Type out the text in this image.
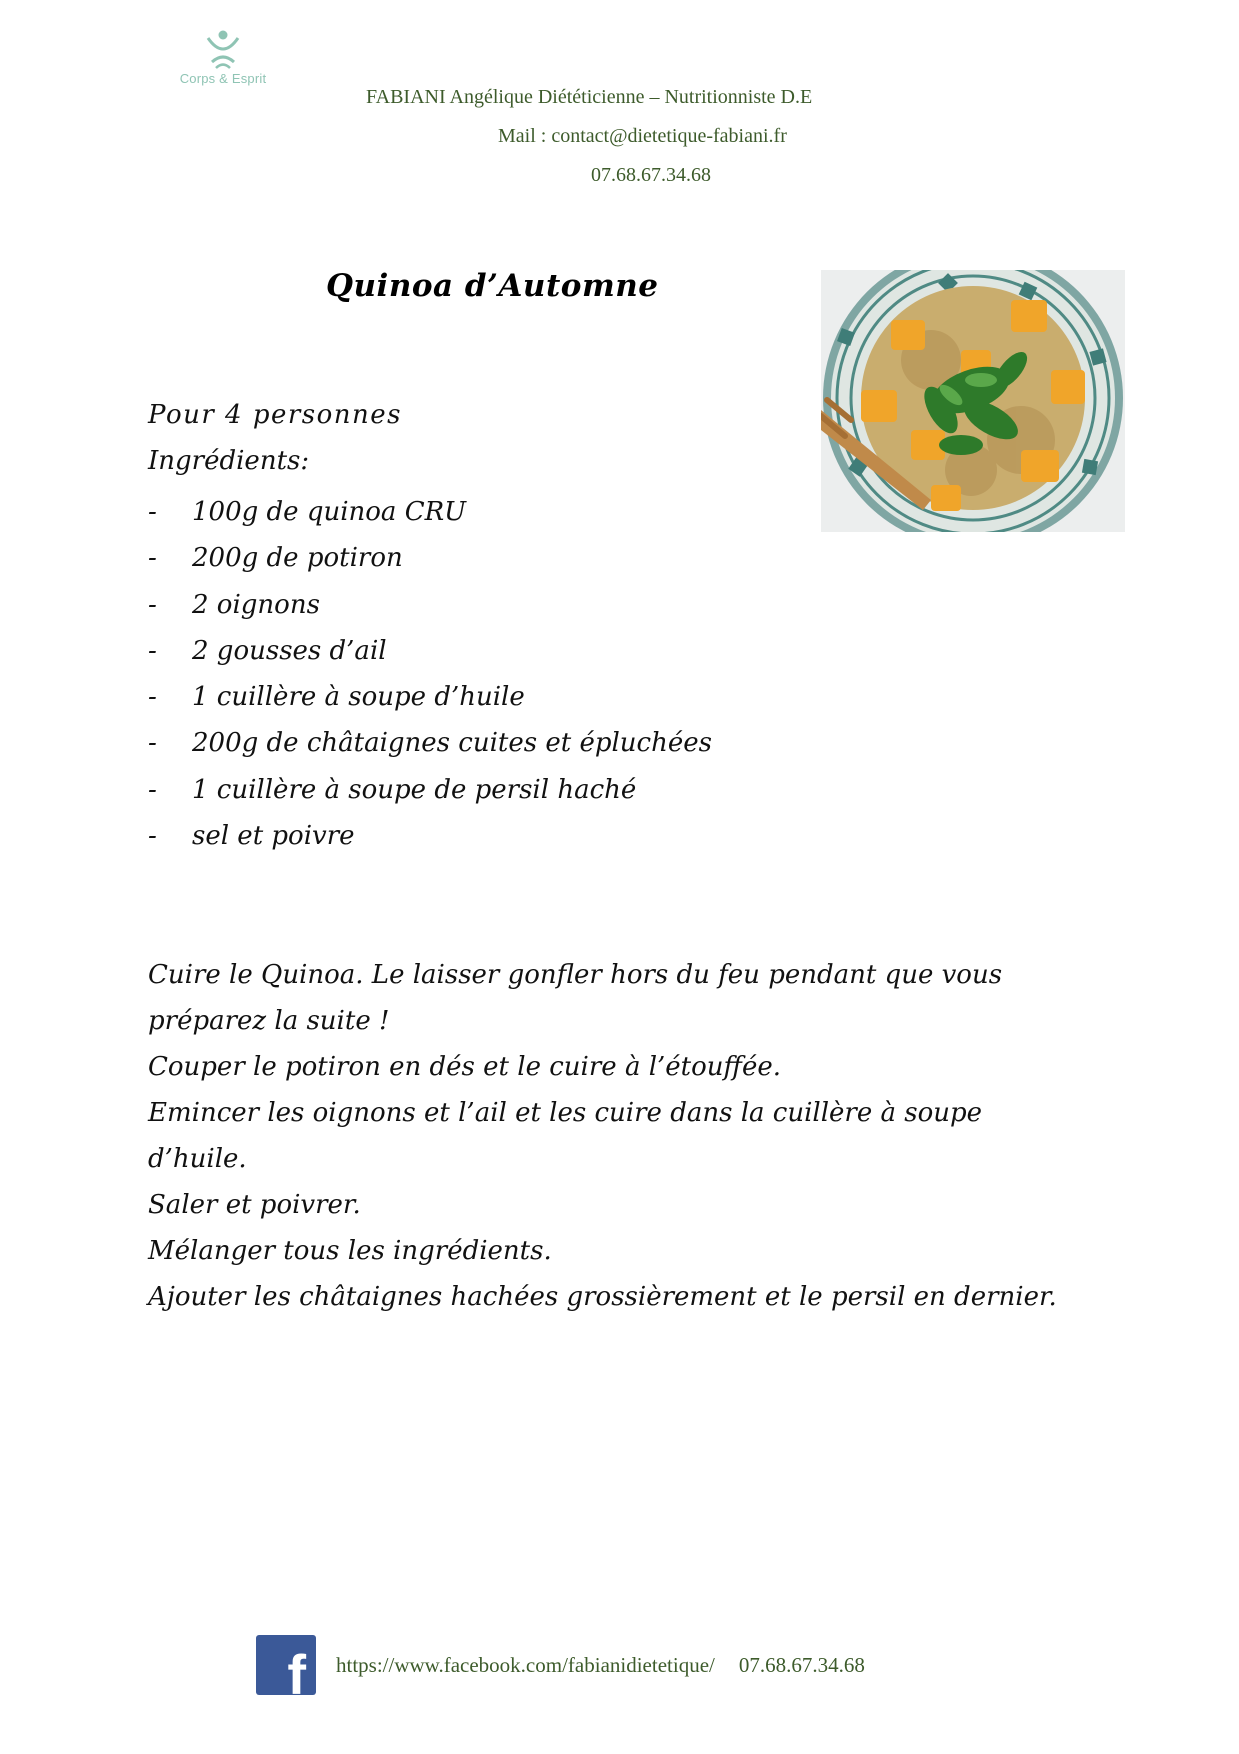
Corps & Esprit
FABIANI Angélique Diététicienne – Nutritionniste D.E
Mail : contact@dietetique-fabiani.fr
07.68.67.34.68
Quinoa d’Automne
Pour 4 personnes
Ingrédients:
- 100g de quinoa CRU
- 200g de potiron
- 2 oignons
- 2 gousses d’ail
- 1 cuillère à soupe d’huile
- 200g de châtaignes cuites et épluchées
- 1 cuillère à soupe de persil haché
- sel et poivre
Cuire le Quinoa. Le laisser gonfler hors du feu pendant que vous préparez la suite !
Couper le potiron en dés et le cuire à l’étouffée.
Emincer les oignons et l’ail et les cuire dans la cuillère à soupe d’huile.
Saler et poivrer.
Mélanger tous les ingrédients.
Ajouter les châtaignes hachées grossièrement et le persil en dernier.
f https://www.facebook.com/fabianidietetique/ 07.68.67.34.68
